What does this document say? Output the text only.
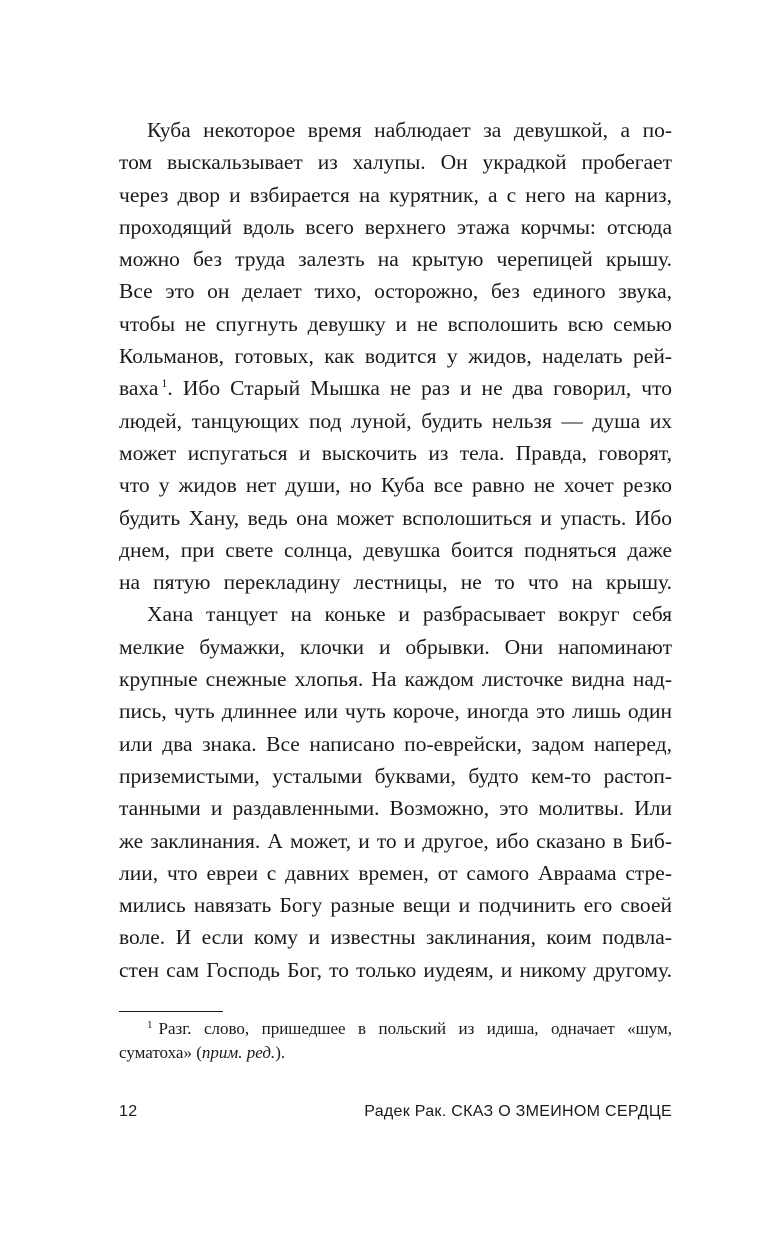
Куба некоторое время наблюдает за девушкой, а по-
том выскальзывает из халупы. Он украдкой пробегает
через двор и взбирается на курятник, а с него на карниз,
проходящий вдоль всего верхнего этажа корчмы: отсюда
можно без труда залезть на крытую черепицей крышу.
Все это он делает тихо, осторожно, без единого звука,
чтобы не спугнуть девушку и не всполошить всю семью
Кольманов, готовых, как водится у жидов, наделать рей-
ваха $^1$. Ибо Старый Мышка не раз и не два говорил, что
людей, танцующих под луной, будить нельзя — душа их
может испугаться и выскочить из тела. Правда, говорят,
что у жидов нет души, но Куба все равно не хочет резко
будить Хану, ведь она может всполошиться и упасть. Ибо
днем, при свете солнца, девушка боится подняться даже
на пятую перекладину лестницы, не то что на крышу.
Хана танцует на коньке и разбрасывает вокруг себя
мелкие бумажки, клочки и обрывки. Они напоминают
крупные снежные хлопья. На каждом листочке видна над-
пись, чуть длиннее или чуть короче, иногда это лишь один
или два знака. Все написано по-еврейски, задом наперед,
приземистыми, усталыми буквами, будто кем-то растоп-
танными и раздавленными. Возможно, это молитвы. Или
же заклинания. А может, и то и другое, ибо сказано в Биб-
лии, что евреи с давних времен, от самого Авраама стре-
мились навязать Богу разные вещи и подчинить его своей
воле. И если кому и известны заклинания, коим подвла-
стен сам Господь Бог, то только иудеям, и никому другому.
$^1$ Разг. слово, пришедшее в польский из идиша, одначает «шум,
суматоха» (прим. ред.).
12	Радек Рак. СКАЗ О ЗМЕИНОМ СЕРДЦЕ
